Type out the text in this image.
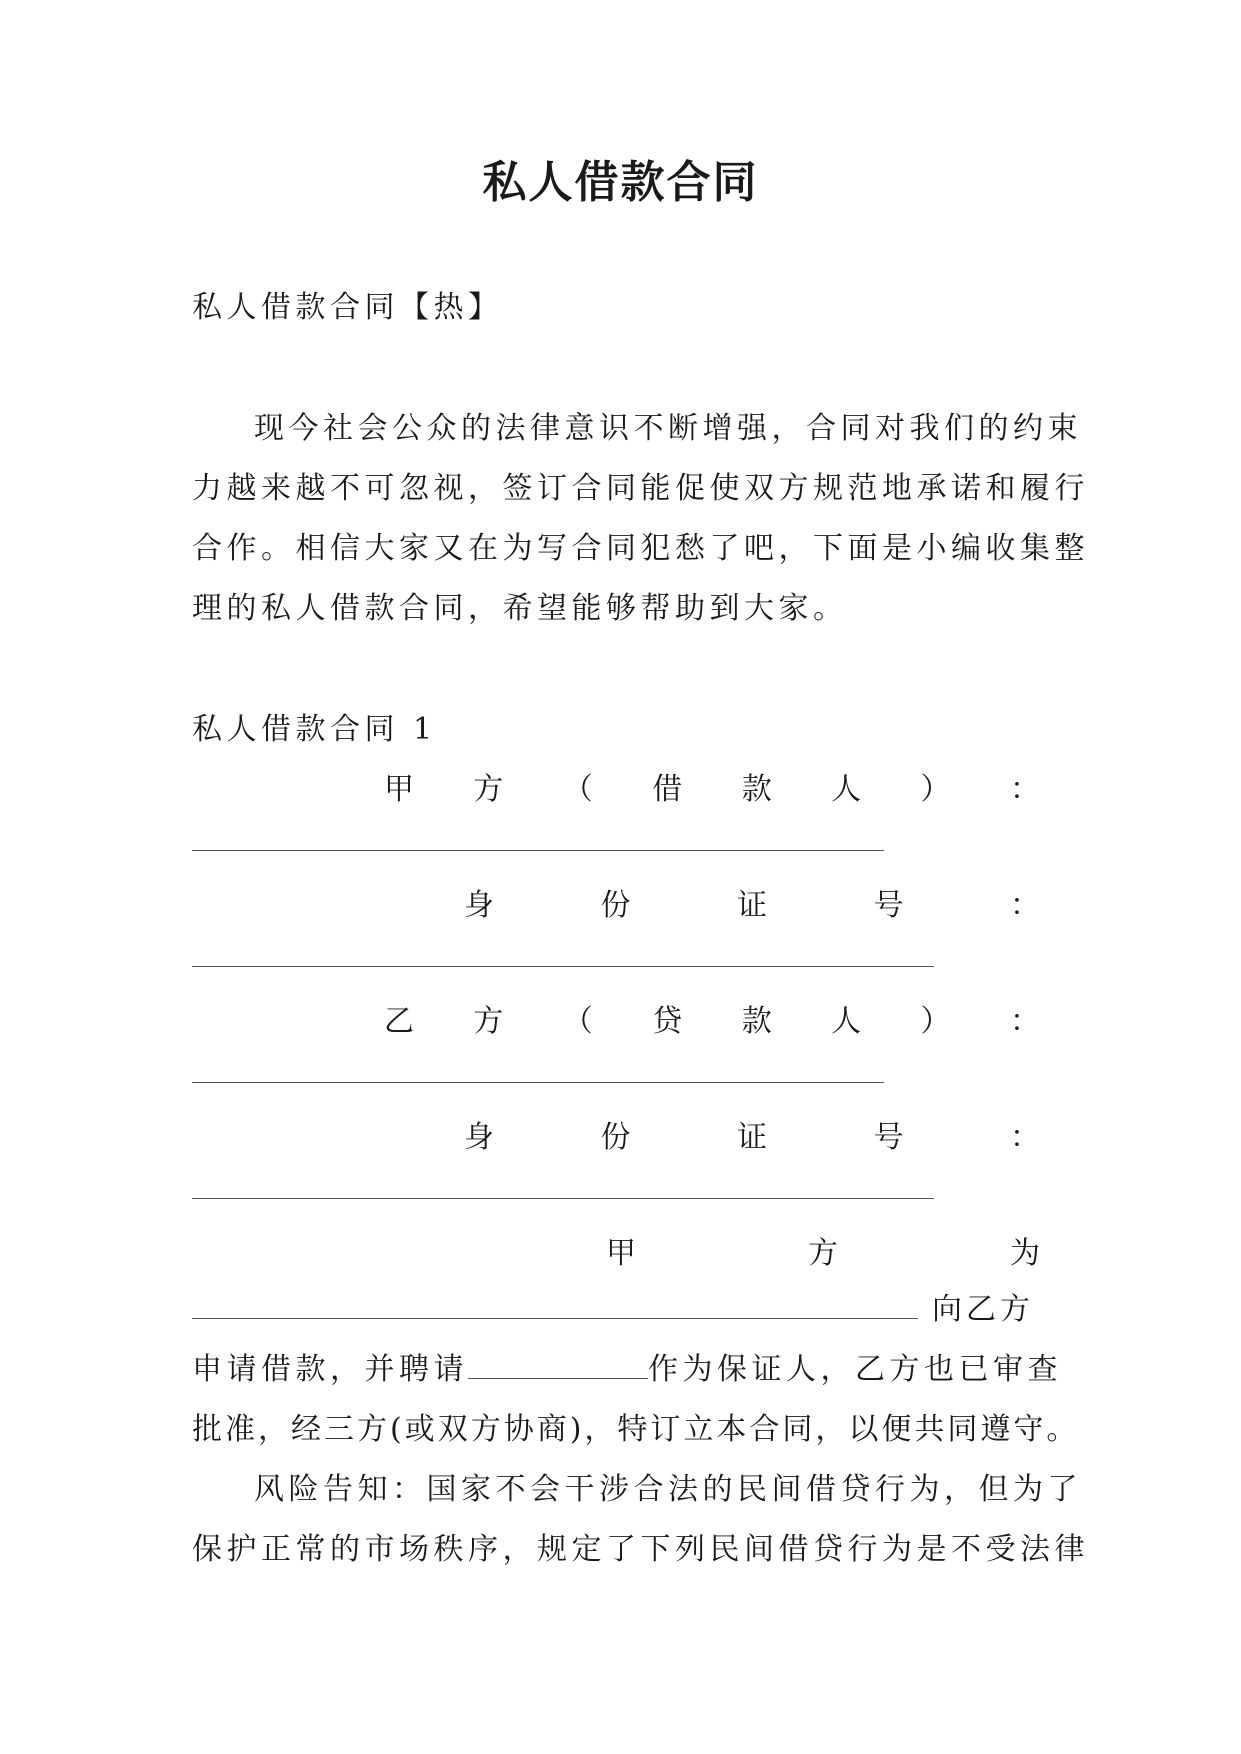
私人借款合同
私人借款合同【热】
现今社会公众的法律意识不断增强，合同对我们的约束
力越来越不可忽视，签订合同能促使双方规范地承诺和履行
合作。相信大家又在为写合同犯愁了吧，下面是小编收集整
理的私人借款合同，希望能够帮助到大家。
私人借款合同 1
甲 方 （ 借 款 人 ） ：
身	份	证	号	：
乙 方 （ 贷 款 人 ） ：
身	份	证	号	：
甲	方	为
向乙方
申请借款，并聘请	作为保证人，乙方也已审查
批准，经三方(或双方协商)，特订立本合同，以便共同遵守。
风险告知：国家不会干涉合法的民间借贷行为，但为了
保护正常的市场秩序，规定了下列民间借贷行为是不受法律
